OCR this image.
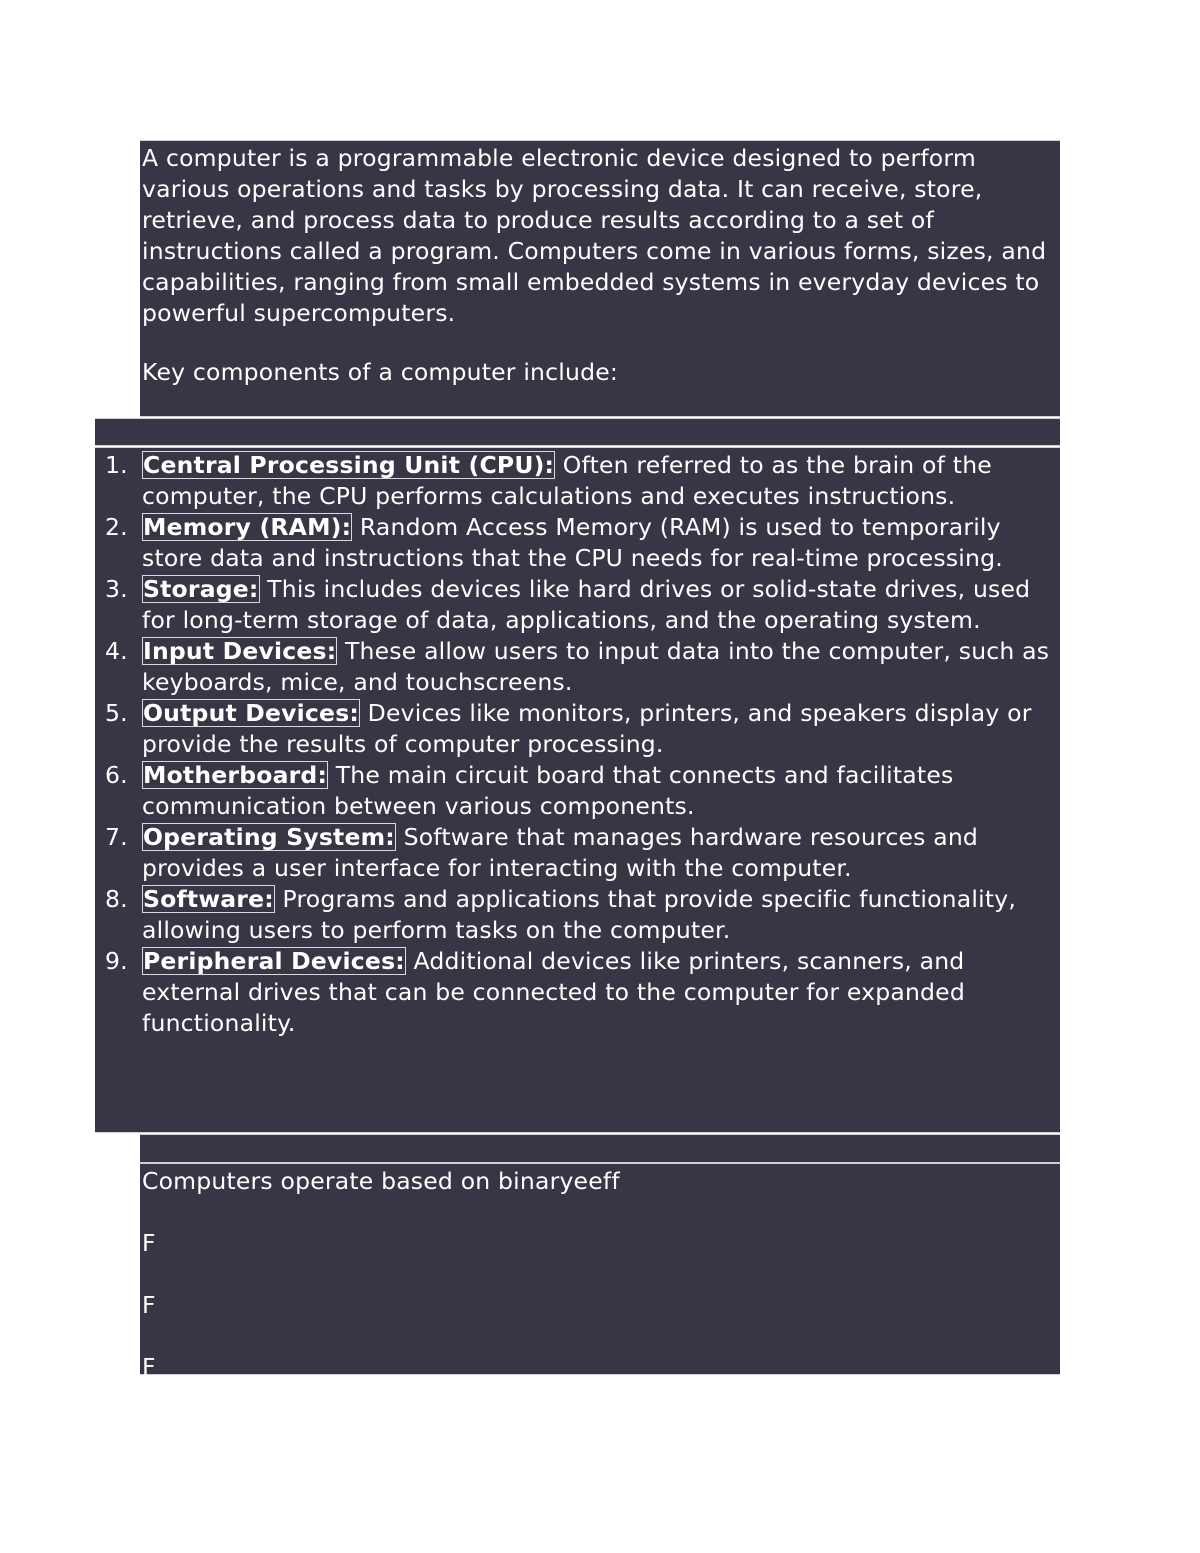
A computer is a programmable electronic device designed to perform various operations and tasks by processing data. It can receive, store, retrieve, and process data to produce results according to a set of instructions called a program. Computers come in various forms, sizes, and capabilities, ranging from small embedded systems in everyday devices to powerful supercomputers.

Key components of a computer include:

1. Central Processing Unit (CPU): Often referred to as the brain of the computer, the CPU performs calculations and executes instructions.
2. Memory (RAM): Random Access Memory (RAM) is used to temporarily store data and instructions that the CPU needs for real-time processing.
3. Storage: This includes devices like hard drives or solid-state drives, used for long-term storage of data, applications, and the operating system.
4. Input Devices: These allow users to input data into the computer, such as keyboards, mice, and touchscreens.
5. Output Devices: Devices like monitors, printers, and speakers display or provide the results of computer processing.
6. Motherboard: The main circuit board that connects and facilitates communication between various components.
7. Operating System: Software that manages hardware resources and provides a user interface for interacting with the computer.
8. Software: Programs and applications that provide specific functionality, allowing users to perform tasks on the computer.
9. Peripheral Devices: Additional devices like printers, scanners, and external drives that can be connected to the computer for expanded functionality.
Computers operate based on binaryeeff
F
F
F
